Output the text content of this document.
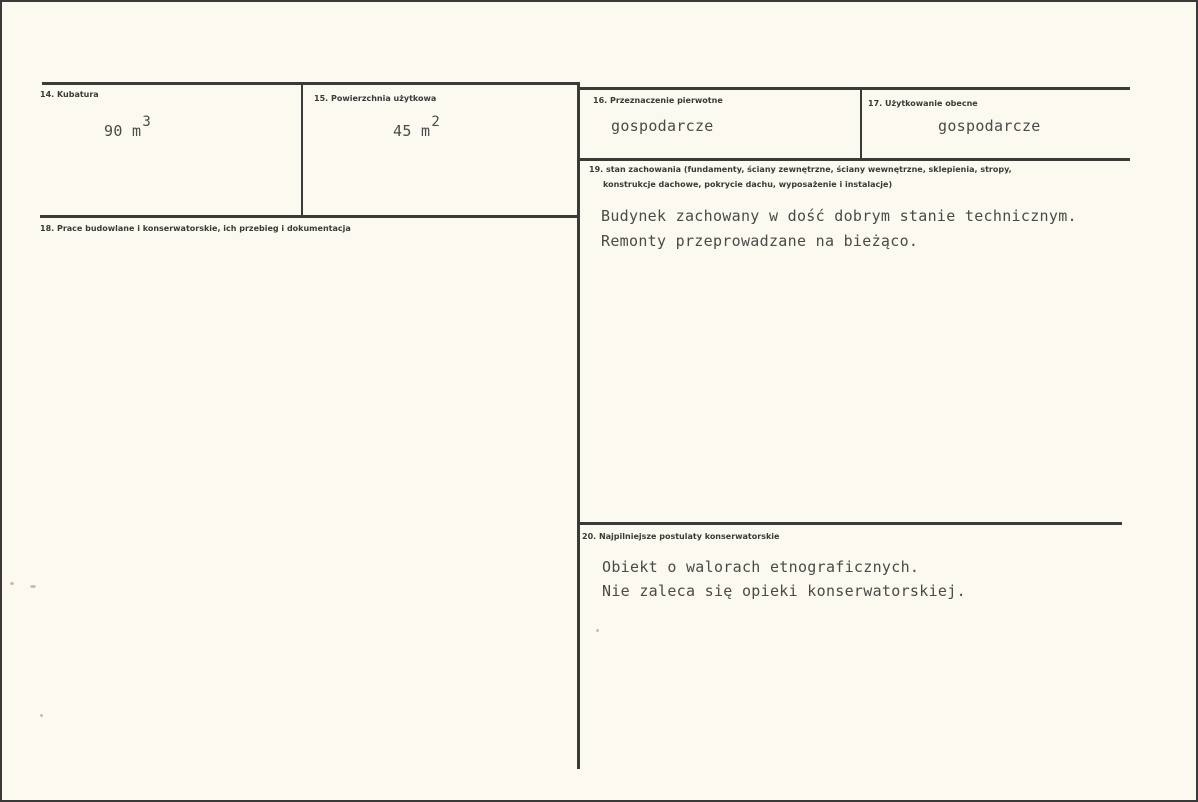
14. Kubatura
90 $m^3$
15. Powierzchnia użytkowa
45 $m^2$
16. Przeznaczenie pierwotne
gospodarcze
17. Użytkowanie obecne
gospodarcze
18. Prace budowlane i konserwatorskie, ich przebieg i dokumentacja
19. stan zachowania (fundamenty, ściany zewnętrzne, ściany wewnętrzne, sklepienia, stropy,
konstrukcje dachowe, pokrycie dachu, wyposażenie i instalacje)
Budynek zachowany w dość dobrym stanie technicznym.
Remonty przeprowadzane na bieżąco.
20. Najpilniejsze postulaty konserwatorskie
Obiekt o walorach etnograficznych.
Nie zaleca się opieki konserwatorskiej.
